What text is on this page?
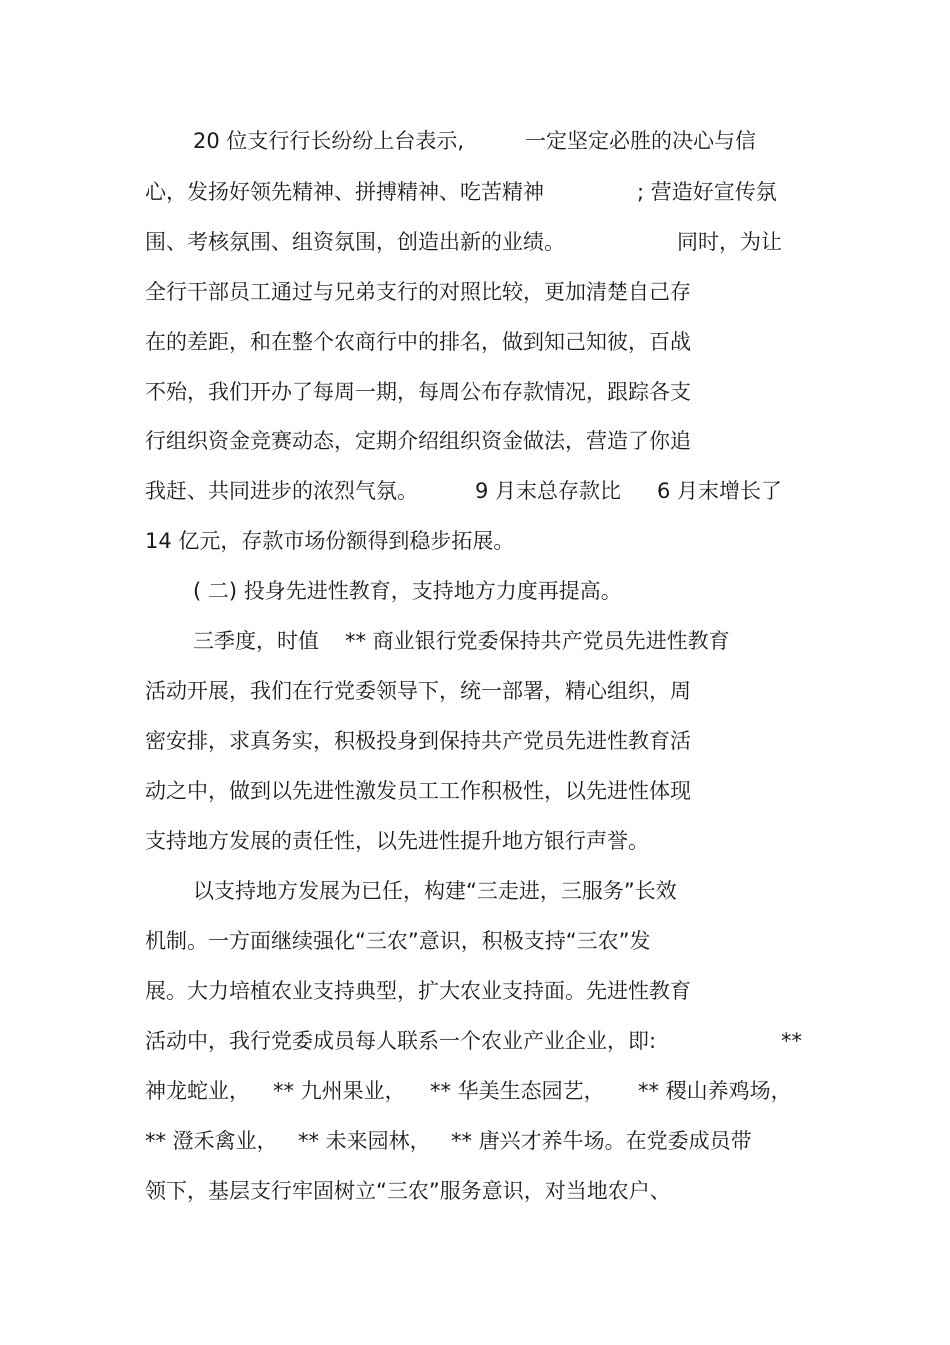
20 位支行行长纷纷上台表示,

	一定坚定必胜的决心与信

心，发扬好领先精神、拼搏精神、吃苦精神

	; 营造好宣传氛

围、考核氛围、组资氛围，创造出新的业绩。

	同时，为让

全行干部员工通过与兄弟支行的对照比较，更加清楚自己存

在的差距，和在整个农商行中的排名，做到知己知彼，百战

不殆，我们开办了每周一期，每周公布存款情况，跟踪各支

行组织资金竞赛动态，定期介绍组织资金做法，营造了你追

我赶、共同进步的浓烈气氛。

	9 月末总存款比

6 月末增长了

14 亿元，存款市场份额得到稳步拓展。

( 二) 投身先进性教育，支持地方力度再提高。

三季度，时值

** 商业银行党委保持共产党员先进性教育

活动开展，我们在行党委领导下，统一部署，精心组织，周

密安排，求真务实，积极投身到保持共产党员先进性教育活

动之中，做到以先进性激发员工工作积极性，以先进性体现

支持地方发展的责任性，以先进性提升地方银行声誉。

以支持地方发展为已任，构建“三走进，三服务”长效

机制。一方面继续强化“三农”意识，积极支持“三农”发

展。大力培植农业支持典型，扩大农业支持面。先进性教育

活动中，我行党委成员每人联系一个农业产业企业，即:

	**

神龙蛇业，

** 九州果业，

** 华美生态园艺，

** 稷山养鸡场，

** 澄禾禽业，

** 未来园林，

** 唐兴才养牛场。在党委成员带

领下，基层支行牢固树立“三农”服务意识，对当地农户、
